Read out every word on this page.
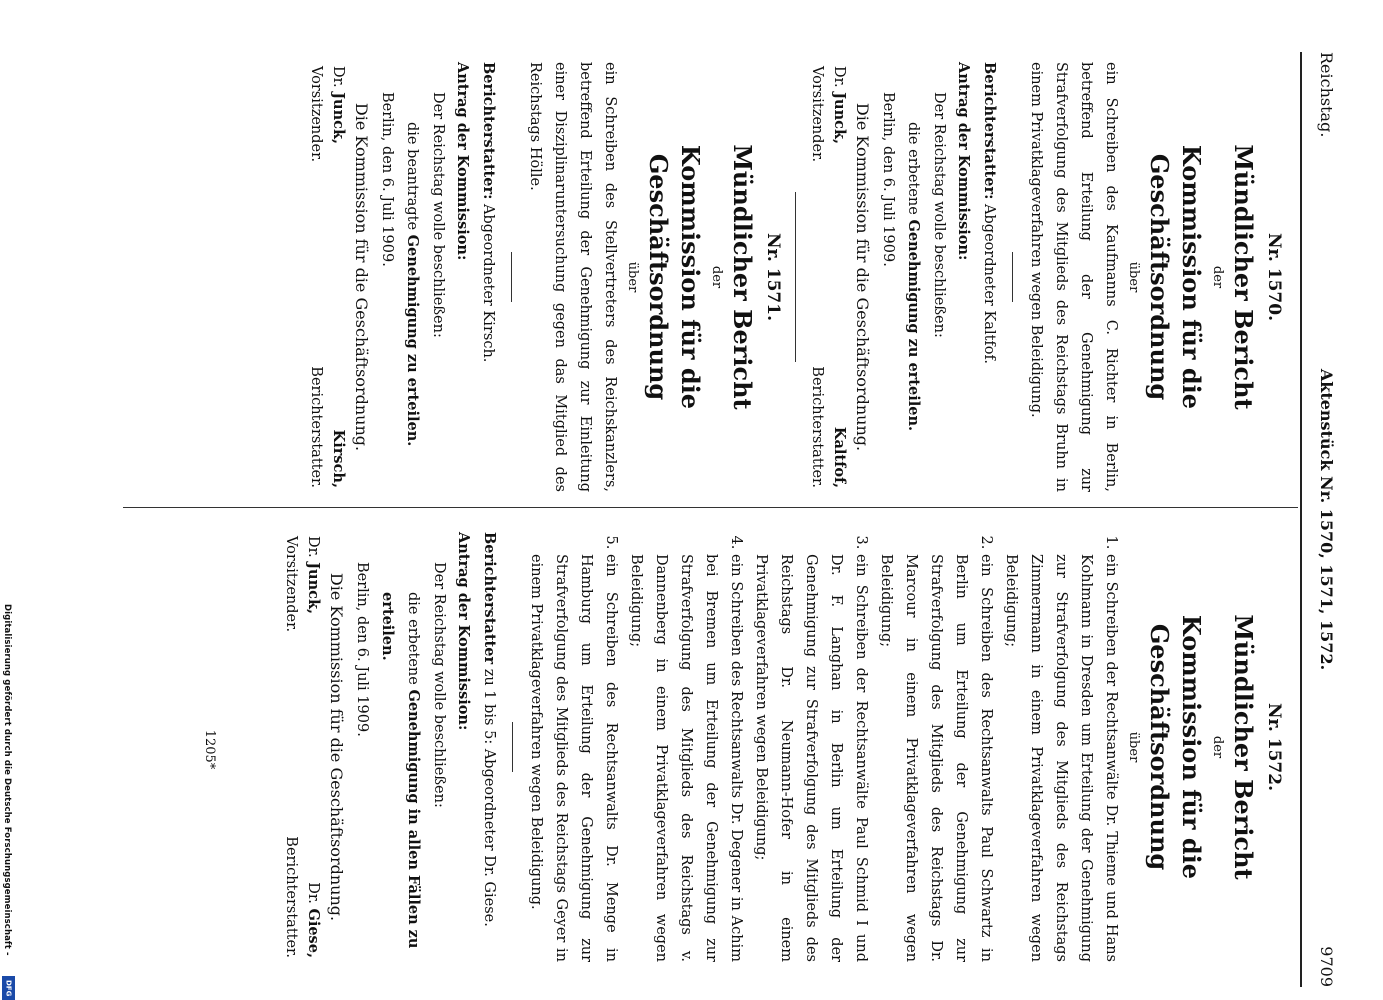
Reichstag.
Aktenstück Nr. 1570, 1571, 1572.
9709
Nr. 1570.
Mündlicher Bericht
der
Kommission für die Geschäftsordnung
über
ein Schreiben des Kaufmanns C. Richter in Berlin, betreffend Erteilung der Genehmigung zur Strafverfolgung des Mitglieds des Reichstags Bruhn in einem Privatklageverfahren wegen Beleidigung.
Berichterstatter: Abgeordneter Kaltfof.
Antrag der Kommission:
Der Reichstag wolle beschließen:
die erbetene Genehmigung zu erteilen.
Berlin, den 6. Juli 1909.
Die Kommission für die Geschäftsordnung.
Dr. Junck,
Vorsitzender.
Kaltfof,
Berichterstatter.
Nr. 1571.
Mündlicher Bericht
der
Kommission für die Geschäftsordnung
über
ein Schreiben des Stellvertreters des Reichskanzlers, betreffend Erteilung der Genehmigung zur Einleitung einer Disziplinaruntersuchung gegen das Mitglied des Reichstags Hölle.
Berichterstatter: Abgeordneter Kirsch.
Antrag der Kommission:
Der Reichstag wolle beschließen:
die beantragte Genehmigung zu erteilen.
Berlin, den 6. Juli 1909.
Die Kommission für die Geschäftsordnung.
Dr. Junck,
Vorsitzender.
Kirsch,
Berichterstatter.
Nr. 1572.
Mündlicher Bericht
der
Kommission für die Geschäftsordnung
über
1. ein Schreiben der Rechtsanwälte Dr. Thieme und Hans Kohlmann in Dresden um Erteilung der Genehmigung zur Strafverfolgung des Mitglieds des Reichstags Zimmermann in einem Privatklageverfahren wegen Beleidigung;
2. ein Schreiben des Rechtsanwalts Paul Schwartz in Berlin um Erteilung der Genehmigung zur Strafverfolgung des Mitglieds des Reichstags Dr. Marcour in einem Privatklageverfahren wegen Beleidigung;
3. ein Schreiben der Rechtsanwälte Paul Schmid I und Dr. F. Langhan in Berlin um Erteilung der Genehmigung zur Strafverfolgung des Mitglieds des Reichstags Dr. Neumann-Hofer in einem Privatklageverfahren wegen Beleidigung;
4. ein Schreiben des Rechtsanwalts Dr. Degener in Achim bei Bremen um Erteilung der Genehmigung zur Strafverfolgung des Mitglieds des Reichstags v. Dannenberg in einem Privatklageverfahren wegen Beleidigung;
5. ein Schreiben des Rechtsanwalts Dr. Menge in Hamburg um Erteilung der Genehmigung zur Strafverfolgung des Mitglieds des Reichstags Geyer in einem Privatklageverfahren wegen Beleidigung.
Berichterstatter zu 1 bis 5: Abgeordneter Dr. Giese.
Antrag der Kommission:
Der Reichstag wolle beschließen:
die erbetene Genehmigung in allen Fällen zu erteilen.
Berlin, den 6. Juli 1909.
Die Kommission für die Geschäftsordnung.
Dr. Junck,
Vorsitzender.
Dr. Giese,
Berichterstatter.
1205*
Digitalisierung gefördert durch die Deutsche Forschungsgemeinschaft -
DFG
